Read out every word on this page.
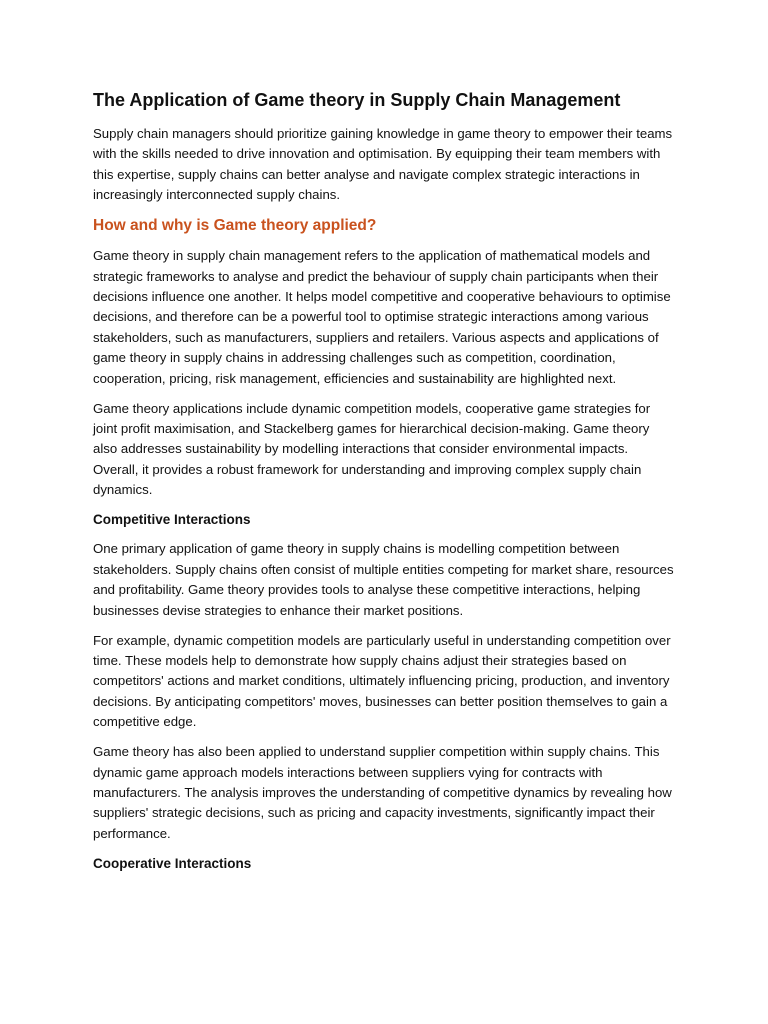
The Application of Game theory in Supply Chain Management

Supply chain managers should prioritize gaining knowledge in game theory to empower their teams with the skills needed to drive innovation and optimisation. By equipping their team members with this expertise, supply chains can better analyse and navigate complex strategic interactions in increasingly interconnected supply chains.

How and why is Game theory applied?

Game theory in supply chain management refers to the application of mathematical models and strategic frameworks to analyse and predict the behaviour of supply chain participants when their decisions influence one another. It helps model competitive and cooperative behaviours to optimise decisions, and therefore can be a powerful tool to optimise strategic interactions among various stakeholders, such as manufacturers, suppliers and retailers. Various aspects and applications of game theory in supply chains in addressing challenges such as competition, coordination, cooperation, pricing, risk management, efficiencies and sustainability are highlighted next.

Game theory applications include dynamic competition models, cooperative game strategies for joint profit maximisation, and Stackelberg games for hierarchical decision-making. Game theory also addresses sustainability by modelling interactions that consider environmental impacts. Overall, it provides a robust framework for understanding and improving complex supply chain dynamics.

Competitive Interactions

One primary application of game theory in supply chains is modelling competition between stakeholders. Supply chains often consist of multiple entities competing for market share, resources and profitability. Game theory provides tools to analyse these competitive interactions, helping businesses devise strategies to enhance their market positions.

For example, dynamic competition models are particularly useful in understanding competition over time. These models help to demonstrate how supply chains adjust their strategies based on competitors' actions and market conditions, ultimately influencing pricing, production, and inventory decisions. By anticipating competitors' moves, businesses can better position themselves to gain a competitive edge.

Game theory has also been applied to understand supplier competition within supply chains. This dynamic game approach models interactions between suppliers vying for contracts with manufacturers. The analysis improves the understanding of competitive dynamics by revealing how suppliers' strategic decisions, such as pricing and capacity investments, significantly impact their performance.

Cooperative Interactions
